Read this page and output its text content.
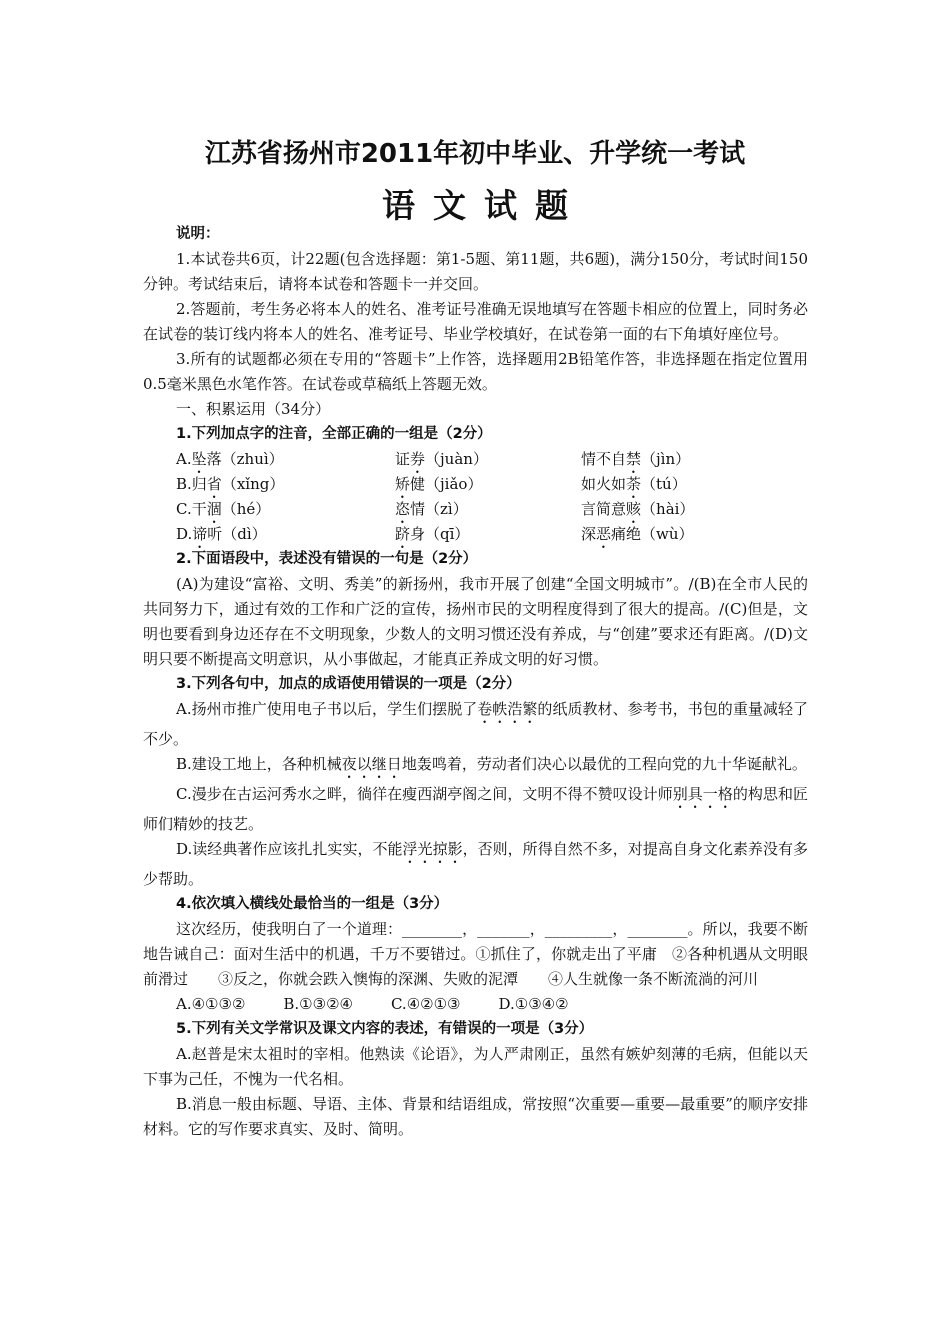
江苏省扬州市2011年初中毕业、升学统一考试
语文试题

说明：

1.本试卷共6页，计22题(包含选择题：第1-5题、第11题，共6题)，满分150分，考试时间150分钟。考试结束后，请将本试卷和答题卡一并交回。

2.答题前，考生务必将本人的姓名、准考证号准确无误地填写在答题卡相应的位置上，同时务必在试卷的装订线内将本人的姓名、准考证号、毕业学校填好，在试卷第一面的右下角填好座位号。

3.所有的试题都必须在专用的“答题卡”上作答，选择题用2B铅笔作答，非选择题在指定位置用0.5毫米黑色水笔作答。在试卷或草稿纸上答题无效。

一、积累运用（34分）

1.下列加点字的注音，全部正确的一组是（2分）

A.坠落（zhuì）	证券（juàn）	情不自禁（jìn）
B.归省（xǐng）	矫健（jiǎo）	如火如荼（tú）
C.干涸（hé）	恣情（zì）	言简意赅（hài）
D.谛听（dì）	跻身（qī）	深恶痛绝（wù）

2.下面语段中，表述没有错误的一句是（2分）

(A)为建设“富裕、文明、秀美”的新扬州，我市开展了创建“全国文明城市”。/(B)在全市人民的共同努力下，通过有效的工作和广泛的宣传，扬州市民的文明程度得到了很大的提高。/(C)但是，文明也要看到身边还存在不文明现象，少数人的文明习惯还没有养成，与“创建”要求还有距离。/(D)文明只要不断提高文明意识，从小事做起，才能真正养成文明的好习惯。

3.下列各句中，加点的成语使用错误的一项是（2分）

A.扬州市推广使用电子书以后，学生们摆脱了卷帙浩繁的纸质教材、参考书，书包的重量减轻了不少。

B.建设工地上，各种机械夜以继日地轰鸣着，劳动者们决心以最优的工程向党的九十华诞献礼。

C.漫步在古运河秀水之畔，徜徉在瘦西湖亭阁之间，文明不得不赞叹设计师别具一格的构思和匠师们精妙的技艺。

D.读经典著作应该扎扎实实，不能浮光掠影，否则，所得自然不多，对提高自身文化素养没有多少帮助。

4.依次填入横线处最恰当的一组是（3分）

这次经历，使我明白了一个道理：________，_______，_________，________。所以，我要不断地告诫自己：面对生活中的机遇，千万不要错过。①抓住了，你就走出了平庸　②各种机遇从文明眼前滑过　　③反之，你就会跌入懊悔的深渊、失败的泥潭　　④人生就像一条不断流淌的河川

A.④①③②	B.①③②④	C.④②①③	D.①③④②

5.下列有关文学常识及课文内容的表述，有错误的一项是（3分）

A.赵普是宋太祖时的宰相。他熟读《论语》，为人严肃刚正，虽然有嫉妒刻薄的毛病，但能以天下事为己任，不愧为一代名相。

B.消息一般由标题、导语、主体、背景和结语组成，常按照“次重要—重要—最重要”的顺序安排材料。它的写作要求真实、及时、简明。
